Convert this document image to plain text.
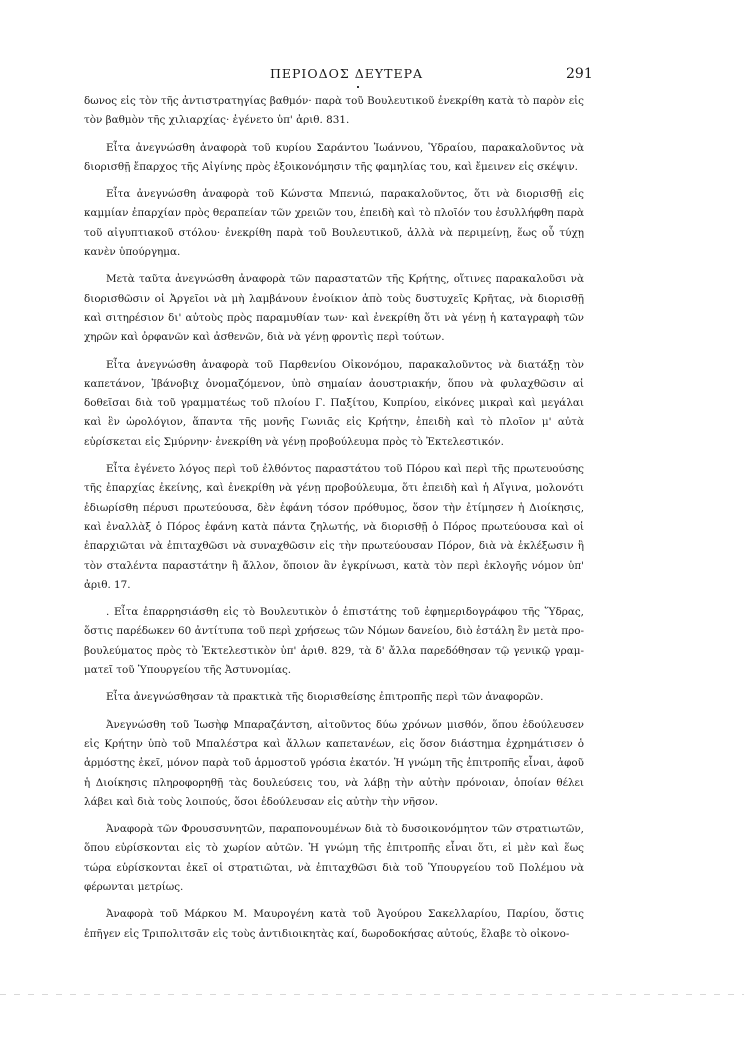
ΠΕΡΙΟΔΟΣ ΔΕΥΤΕΡΑ	291

δωνος εἰς τὸν τῆς ἀντιστρατηγίας βαθμόν· παρὰ τοῦ Βουλευτικοῦ ἐνεκρίθη κατὰ τὸ παρὸν εἰς τὸν βαθμὸν τῆς χιλιαρχίας· ἐγένετο ὑπ' ἀριθ. 831.

Εἶτα ἀνεγνώσθη ἀναφορὰ τοῦ κυρίου Σαράντου Ἰωάννου, Ὑδραίου, παρακαλοῦντος νὰ διορισθῇ ἔπαρχος τῆς Αἰγίνης πρὸς ἐξοικονόμησιν τῆς φαμηλίας του, καὶ ἔμεινεν εἰς σκέψιν.

Εἶτα ἀνεγνώσθη ἀναφορὰ τοῦ Κώνστα Μπενιώ, παρακαλοῦντος, ὅτι νὰ διορισθῇ εἰς καμμίαν ἐπαρχίαν πρὸς θεραπείαν τῶν χρειῶν του, ἐπειδὴ καὶ τὸ πλοῖόν του ἐσυλλήφθη παρὰ τοῦ αἰγυπτιακοῦ στόλου· ἐνεκρίθη παρὰ τοῦ Βουλευτικοῦ, ἀλλὰ νὰ περιμείνῃ, ἕως οὗ τύχῃ κανὲν ὑπούργημα.

Μετὰ ταῦτα ἀνεγνώσθη ἀναφορὰ τῶν παραστατῶν τῆς Κρήτης, οἵτινες παρακαλοῦσι νὰ διορισθῶσιν οἱ Ἀργεῖοι νὰ μὴ λαμβάνουν ἐνοίκιον ἀπὸ τοὺς δυστυχεῖς Κρῆτας, νὰ διορισθῇ καὶ σιτηρέσιον δι' αὐτοὺς πρὸς παραμυθίαν των· καὶ ἐνεκρίθη ὅτι νὰ γένῃ ἡ καταγραφὴ τῶν χηρῶν καὶ ὀρφανῶν καὶ ἀσθενῶν, διὰ νὰ γένῃ φροντὶς περὶ τούτων.

Εἶτα ἀνεγνώσθη ἀναφορὰ τοῦ Παρθενίου Οἰκονόμου, παρακαλοῦντος νὰ διατάξῃ τὸν καπετάνον, Ἰβάνοβιχ ὀνομαζόμενον, ὑπὸ σημαίαν ἀουστριακήν, ὅπου νὰ φυλαχθῶσιν αἱ δοθεῖσαι διὰ τοῦ γραμματέως τοῦ πλοίου Γ. Παξίτου, Κυπρίου, εἰκόνες μικραὶ καὶ μεγάλαι καὶ ἓν ὡρολόγιον, ἅπαντα τῆς μονῆς Γωνιᾶς εἰς Κρήτην, ἐπειδὴ καὶ τὸ πλοῖον μ' αὐτὰ εὑρίσκεται εἰς Σμύρνην· ἐνεκρίθη νὰ γένῃ προβούλευμα πρὸς τὸ Ἐκτελεστικόν.

Εἶτα ἐγένετο λόγος περὶ τοῦ ἐλθόντος παραστάτου τοῦ Πόρου καὶ περὶ τῆς πρωτευούσης τῆς ἐπαρχίας ἐκείνης, καὶ ἐνεκρίθη νὰ γένῃ προβούλευμα, ὅτι ἐπειδὴ καὶ ἡ Αἴγινα, μολονότι ἐδιωρίσθη πέρυσι πρωτεύουσα, δὲν ἐφάνη τόσον πρόθυμος, ὅσον τὴν ἐτίμησεν ἡ Διοίκησις, καὶ ἐναλλὰξ ὁ Πόρος ἐφάνη κατὰ πάντα ζηλωτής, νὰ διορισθῇ ὁ Πόρος πρωτεύουσα καὶ οἱ ἐπαρχιῶται νὰ ἐπιταχθῶσι νὰ συναχθῶσιν εἰς τὴν πρωτεύουσαν Πόρον, διὰ νὰ ἐκλέξωσιν ἢ τὸν σταλέντα παραστάτην ἢ ἄλλον, ὅποιον ἂν ἐγκρίνωσι, κατὰ τὸν περὶ ἐκλογῆς νόμον ὑπ' ἀριθ. 17.

. Εἶτα ἐπαρρησιάσθη εἰς τὸ Βουλευτικὸν ὁ ἐπιστάτης τοῦ ἐφημεριδογράφου τῆς Ὕδρας, ὅστις παρέδωκεν 60 ἀντίτυπα τοῦ περὶ χρήσεως τῶν Νόμων δανείου, διὸ ἐστάλη ἓν μετὰ προβουλεύματος πρὸς τὸ Ἐκτελεστικὸν ὑπ' ἀριθ. 829, τὰ δ' ἄλλα παρεδόθησαν τῷ γενικῷ γραμματεῖ τοῦ Ὑπουργείου τῆς Ἀστυνομίας.

Εἶτα ἀνεγνώσθησαν τὰ πρακτικὰ τῆς διορισθείσης ἐπιτροπῆς περὶ τῶν ἀναφορῶν.

Ἀνεγνώσθη τοῦ Ἰωσὴφ Μπαραζάντση, αἰτοῦντος δύω χρόνων μισθόν, ὅπου ἐδούλευσεν εἰς Κρήτην ὑπὸ τοῦ Μπαλέστρα καὶ ἄλλων καπετανέων, εἰς ὅσον διάστημα ἐχρημάτισεν ὁ ἁρμόστης ἐκεῖ, μόνον παρὰ τοῦ ἁρμοστοῦ γρόσια ἑκατόν. Ἡ γνώμη τῆς ἐπιτροπῆς εἶναι, ἀφοῦ ἡ Διοίκησις πληροφορηθῇ τὰς δουλεύσεις του, νὰ λάβῃ τὴν αὐτὴν πρόνοιαν, ὁποίαν θέλει λάβει καὶ διὰ τοὺς λοιπούς, ὅσοι ἐδούλευσαν εἰς αὐτὴν τὴν νῆσον.

Ἀναφορὰ τῶν Φρουσσυνητῶν, παραπονουμένων διὰ τὸ δυσοικονόμητον τῶν στρατιωτῶν, ὅπου εὑρίσκονται εἰς τὸ χωρίον αὐτῶν. Ἡ γνώμη τῆς ἐπιτροπῆς εἶναι ὅτι, εἰ μὲν καὶ ἕως τώρα εὑρίσκονται ἐκεῖ οἱ στρατιῶται, νὰ ἐπιταχθῶσι διὰ τοῦ Ὑπουργείου τοῦ Πολέμου νὰ φέρωνται μετρίως.

Ἀναφορὰ τοῦ Μάρκου Μ. Μαυρογένη κατὰ τοῦ Ἀγούρου Σακελλαρίου, Παρίου, ὅστις ἐπῆγεν εἰς Τριπολιτσᾶν εἰς τοὺς ἀντιδιοικητὰς καί, δωροδοκήσας αὐτούς, ἔλαβε τὸ οἰκονο-
